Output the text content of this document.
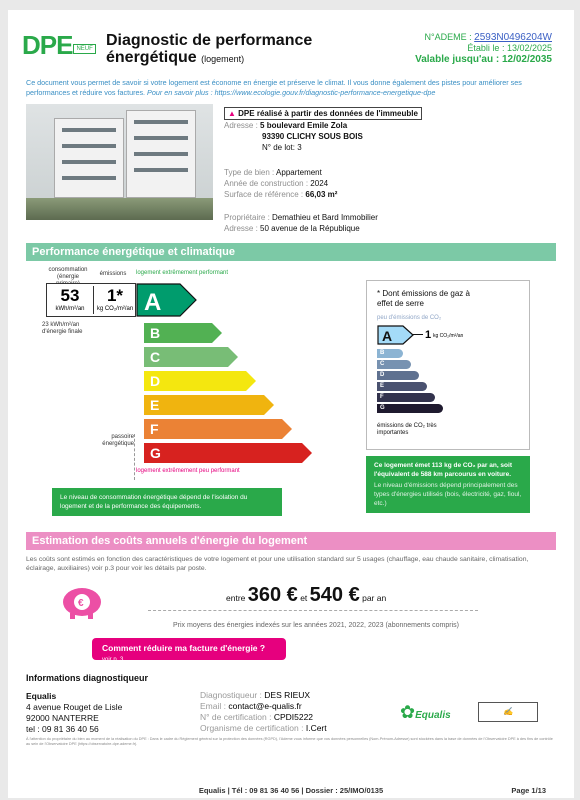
DPE NEUF Diagnostic de performance
énergétique (logement)
N°ADEME : 2593N0496204W
Établi le : 13/02/2025
Valable jusqu'au : 12/02/2035
Ce document vous permet de savoir si votre logement est économe en énergie et préserve le climat. Il vous donne également des pistes pour améliorer ses performances et réduire vos factures. Pour en savoir plus : https://www.ecologie.gouv.fr/diagnostic-performance-energetique-dpe
▲ DPE réalisé à partir des données de l'immeuble
Adresse : 5 boulevard Emile Zola
93390 CLICHY SOUS BOIS
N° de lot: 3
Type de bien : Appartement
Année de construction : 2024
Surface de référence : 66,03 m²
Propriétaire : Demathieu et Bard Immobilier
Adresse : 50 avenue de la République
Performance énergétique et climatique
consommation (énergie	émissions logement extrêmement performant
53
kWh/m²/an
1*
kg CO₂/m²/an A
23 kWh/m²/an d'énergie finale	B
C
D
E
F
G
passoire énergétique
logement extrêmement peu performant
Le niveau de consommation énergétique dépend de l'isolation du logement et de la performance des équipements.
* Dont émissions de gaz à effet de serre
peu d'émissions de CO₂
A	1 kg CO₂/m²/an
B
C
D
E
F
G
émissions de CO₂ très importantes
Ce logement émet 113 kg de CO₂ par an, soit l'équivalent de 588 km parcourus en voiture.
Le niveau d'émissions dépend principalement des types d'énergies utilisés (bois, électricité, gaz, fioul, etc.)
Estimation des coûts annuels d'énergie du logement
Les coûts sont estimés en fonction des caractéristiques de votre logement et pour une utilisation standard sur 5 usages (chauffage, eau chaude sanitaire, climatisation, éclairage, auxiliaires) voir p.3 pour voir les détails par poste.
€	entre 360 € et 540 € par an
Prix moyens des énergies indexés sur les années 2021, 2022, 2023 (abonnements compris)
Comment réduire ma facture d'énergie ? voir p. 3
Informations diagnostiqueur
Equalis
4 avenue Rouget de Lisle
92000 NANTERRE
tel : 09 81 36 40 56
Diagnostiqueur : DES RIEUX
Email : contact@e-qualis.fr
N° de certification : CPDI5222
Organisme de certification : I.Cert
✿Equalis	✍
À l'attention du propriétaire du bien au moment de la réalisation du DPE : Dans le cadre du Règlement général sur la protection des données (RGPD), l'Ademe vous informe que vos données personnelles (Nom-Prénom-Adresse) sont stockées dans la base de données de l'Observatoire DPE à des fins de contrôle au sein de l'Observatoire DPE (https://observatoire-dpe.ademe.fr).
Equalis | Tél : 09 81 36 40 56 | Dossier : 25/IMO/0135	Page 1/13
